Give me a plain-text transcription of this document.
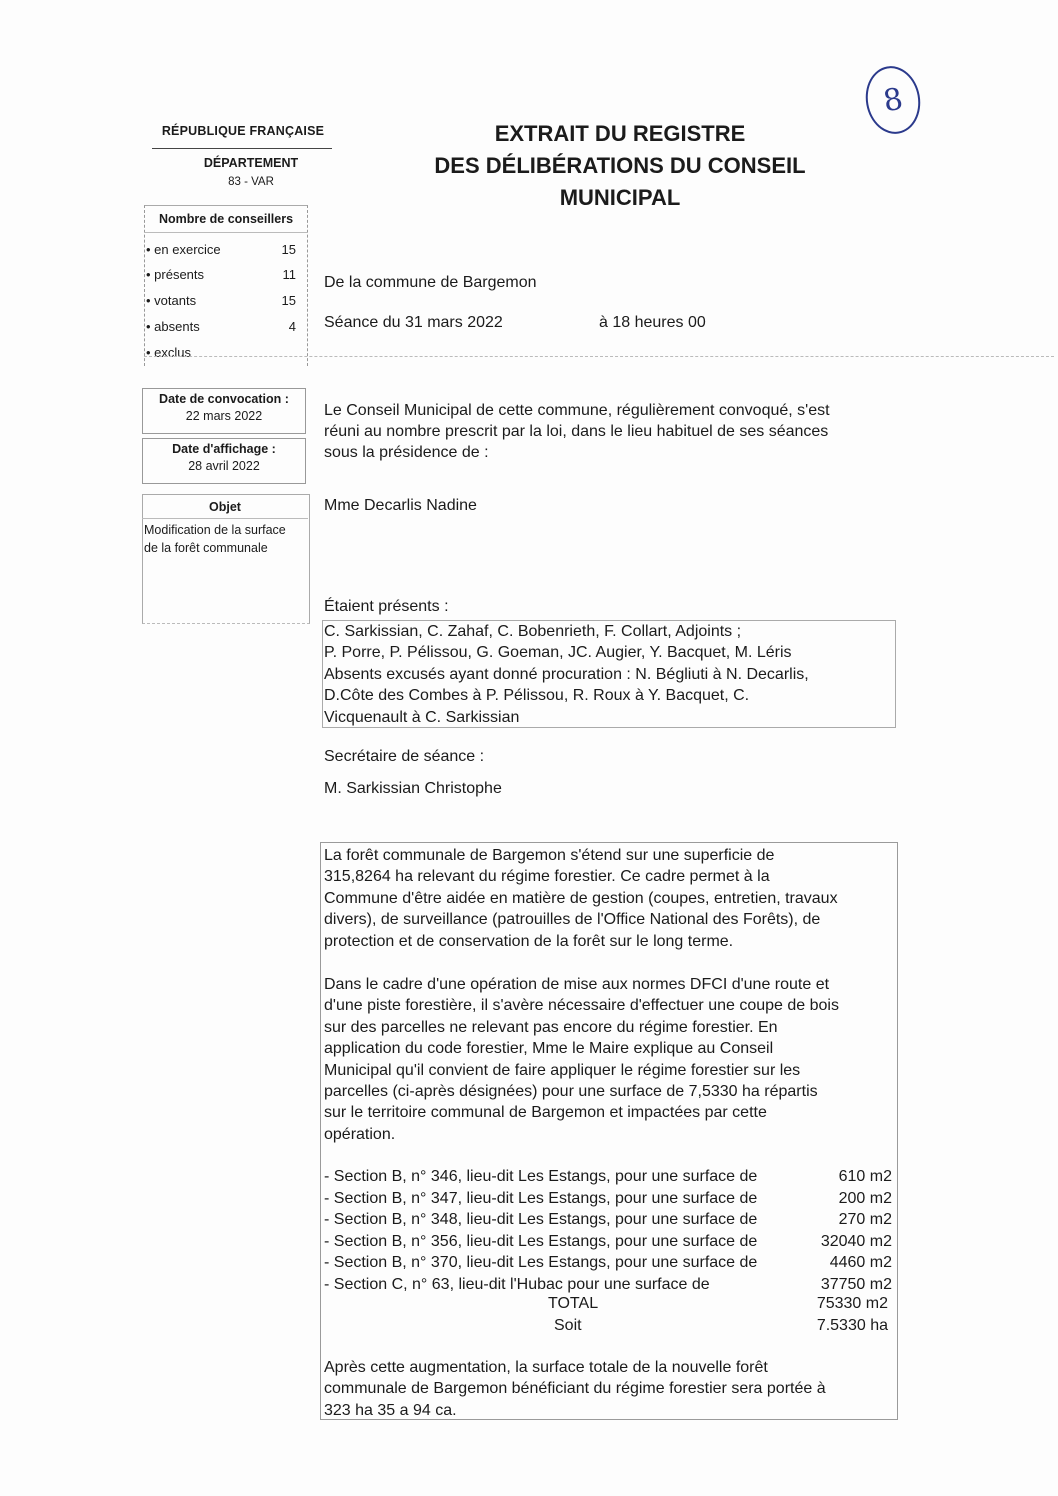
8
RÉPUBLIQUE FRANÇAISE
DÉPARTEMENT
83 - VAR
EXTRAIT DU REGISTRE
DES DÉLIBÉRATIONS DU CONSEIL
MUNICIPAL
Nombre de conseillers
• en exercice	15
• présents	11
• votants	15
• absents	4
• exclus
De la commune de Bargemon
Séance du 31 mars 2022	à 18 heures 00
Date de convocation :
22 mars 2022
Date d'affichage :
28 avril 2022
Objet
Modification de la surface
de la forêt communale
Le Conseil Municipal de cette commune, régulièrement convoqué, s'est
réuni au nombre prescrit par la loi, dans le lieu habituel de ses séances
sous la présidence de :
Mme Decarlis Nadine
Étaient présents :
C. Sarkissian, C. Zahaf, C. Bobenrieth, F. Collart, Adjoints ;
P. Porre, P. Pélissou, G. Goeman, JC. Augier, Y. Bacquet, M. Léris
Absents excusés ayant donné procuration : N. Bégliuti à N. Decarlis,
D.Côte des Combes à P. Pélissou, R. Roux à Y. Bacquet, C.
Vicquenault à C. Sarkissian
Secrétaire de séance :
M. Sarkissian Christophe
La forêt communale de Bargemon s'étend sur une superficie de
315,8264 ha relevant du régime forestier. Ce cadre permet à la
Commune d'être aidée en matière de gestion (coupes, entretien, travaux
divers), de surveillance (patrouilles de l'Office National des Forêts), de
protection et de conservation de la forêt sur le long terme.
Dans le cadre d'une opération de mise aux normes DFCI d'une route et
d'une piste forestière, il s'avère nécessaire d'effectuer une coupe de bois
sur des parcelles ne relevant pas encore du régime forestier. En
application du code forestier, Mme le Maire explique au Conseil
Municipal qu'il convient de faire appliquer le régime forestier sur les
parcelles (ci-après désignées) pour une surface de 7,5330 ha répartis
sur le territoire communal de Bargemon et impactées par cette
opération.
- Section B, n° 346, lieu-dit Les Estangs, pour une surface de	610 m2
- Section B, n° 347, lieu-dit Les Estangs, pour une surface de	200 m2
- Section B, n° 348, lieu-dit Les Estangs, pour une surface de	270 m2
- Section B, n° 356, lieu-dit Les Estangs, pour une surface de	32040 m2
- Section B, n° 370, lieu-dit Les Estangs, pour une surface de	4460 m2
- Section C, n° 63, lieu-dit l'Hubac pour une surface de	37750 m2
TOTAL	75330 m2
Soit	7.5330 ha
Après cette augmentation, la surface totale de la nouvelle forêt
communale de Bargemon bénéficiant du régime forestier sera portée à
323 ha 35 a 94 ca.
